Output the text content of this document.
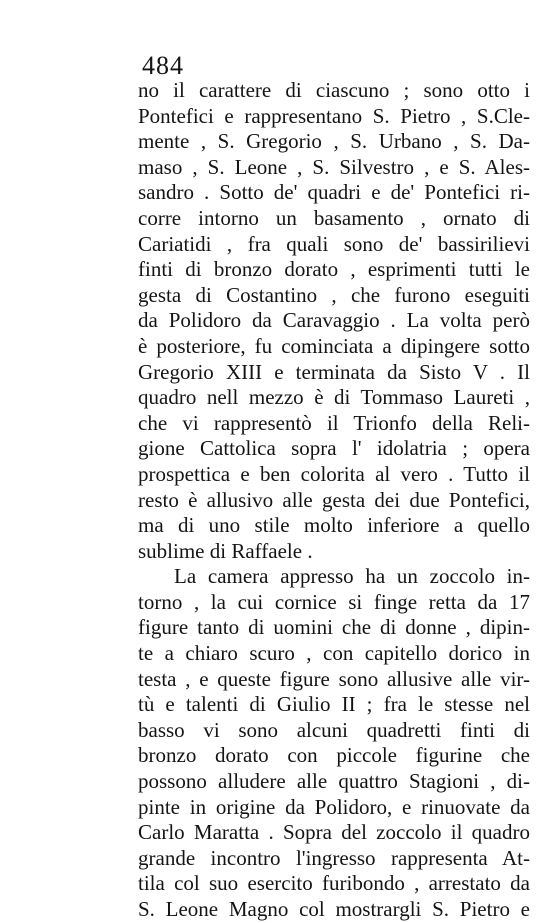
484
no il carattere di ciascuno ; sono otto i
Pontefici e rappresentano S. Pietro , S.Cle-
mente , S. Gregorio , S. Urbano , S. Da-
maso , S. Leone , S. Silvestro , e S. Ales-
sandro . Sotto de' quadri e de' Pontefici ri-
corre intorno un basamento , ornato di
Cariatidi , fra quali sono de' bassirilievi
finti di bronzo dorato , esprimenti tutti le
gesta di Costantino , che furono eseguiti
da Polidoro da Caravaggio . La volta però
è posteriore, fu cominciata a dipingere sotto
Gregorio XIII e terminata da Sisto V . Il
quadro nell mezzo è di Tommaso Laureti ,
che vi rappresentò il Trionfo della Reli-
gione Cattolica sopra l' idolatria ; opera
prospettica e ben colorita al vero . Tutto il
resto è allusivo alle gesta dei due Pontefici,
ma di uno stile molto inferiore a quello
sublime di Raffaele .
La camera appresso ha un zoccolo in-
torno , la cui cornice si finge retta da 17
figure tanto di uomini che di donne , dipin-
te a chiaro scuro , con capitello dorico in
testa , e queste figure sono allusive alle vir-
tù e talenti di Giulio II ; fra le stesse nel
basso vi sono alcuni quadretti finti di
bronzo dorato con piccole figurine che
possono alludere alle quattro Stagioni , di-
pinte in origine da Polidoro, e rinuovate da
Carlo Maratta . Sopra del zoccolo il quadro
grande incontro l'ingresso rappresenta At-
tila col suo esercito furibondo , arrestato da
S. Leone Magno col mostrargli S. Pietro e
